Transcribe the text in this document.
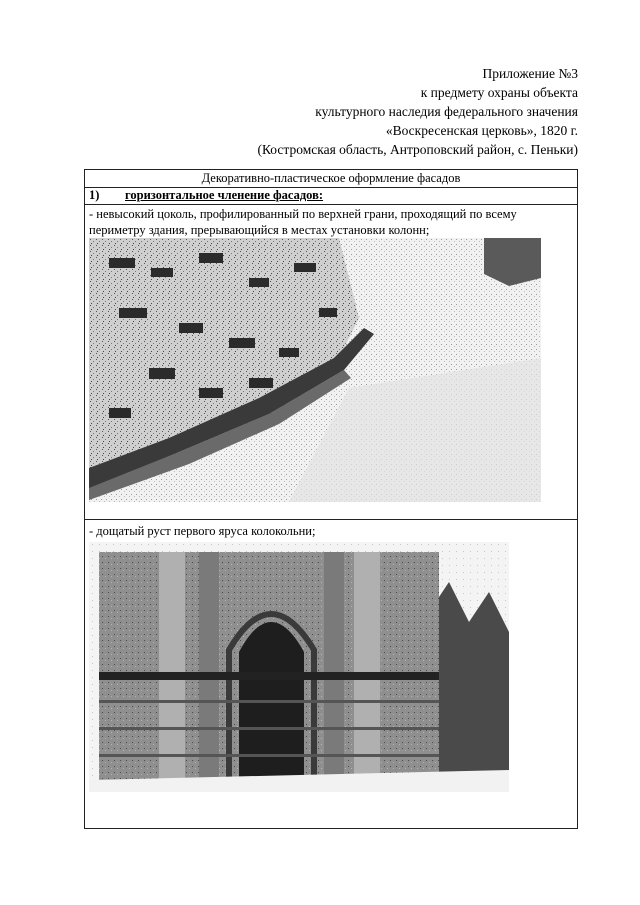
Приложение №3
к предмету охраны объекта
культурного наследия федерального значения
«Воскресенская церковь», 1820 г.
(Костромская область, Антроповский район, с. Пеньки)
Декоративно-пластическое оформление фасадов
1) горизонтальное членение фасадов:
- невысокий цоколь, профилированный по верхней грани, проходящий по всему периметру здания, прерывающийся в местах установки колонн;
- дощатый руст первого яруса колокольни;
